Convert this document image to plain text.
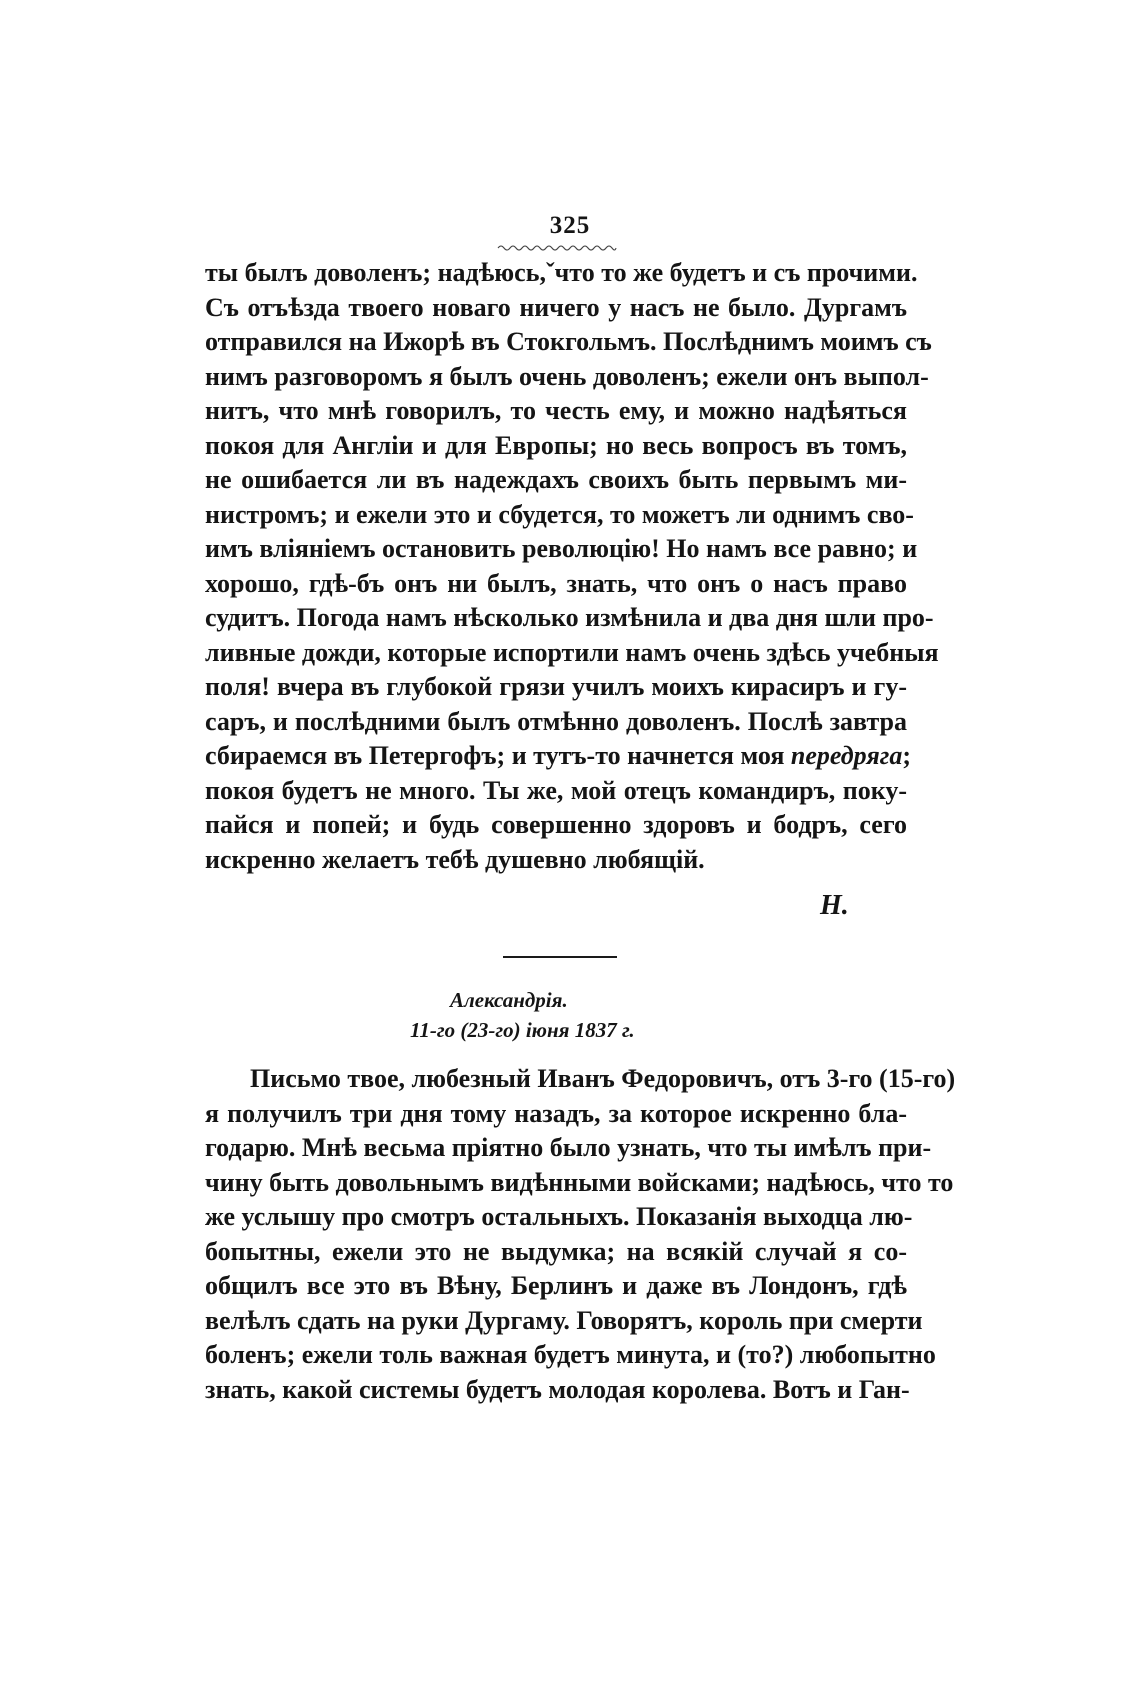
325
ты былъ доволенъ; надѣюсь,ˇчто то же будетъ и съ прочими.
Съ отъѣзда твоего новаго ничего у насъ не было. Дургамъ
отправился на Ижорѣ въ Стокгольмъ. Послѣднимъ моимъ съ
нимъ разговоромъ я былъ очень доволенъ; ежели онъ выпол-
нитъ, что мнѣ говорилъ, то честь ему, и можно надѣяться
покоя для Англіи и для Европы; но весь вопросъ въ томъ,
не ошибается ли въ надеждахъ своихъ быть первымъ ми-
нистромъ; и ежели это и сбудется, то можетъ ли однимъ сво-
имъ вліяніемъ остановить революцію! Но намъ все равно; и
хорошо, гдѣ-бъ онъ ни былъ, знать, что онъ о насъ право
судитъ. Погода намъ нѣсколько измѣнила и два дня шли про-
ливные дожди, которые испортили намъ очень здѣсь учебныя
поля! вчера въ глубокой грязи училъ моихъ кирасиръ и гу-
саръ, и послѣдними былъ отмѣнно доволенъ. Послѣ завтра
сбираемся въ Петергофъ; и тутъ-то начнется моя передряга;
покоя будетъ не много. Ты же, мой отецъ командиръ, поку-
пайся и попей; и будь совершенно здоровъ и бодръ, сего
искренно желаетъ тебѣ душевно любящій.
Н.
Александрія.
11-го (23-го) іюня 1837 г.
Письмо твое, любезный Иванъ Федоровичъ, отъ 3-го (15-го)
я получилъ три дня тому назадъ, за которое искренно бла-
годарю. Мнѣ весьма пріятно было узнать, что ты имѣлъ при-
чину быть довольнымъ видѣнными войсками; надѣюсь, что то
же услышу про смотръ остальныхъ. Показанія выходца лю-
бопытны, ежели это не выдумка; на всякій случай я со-
общилъ все это въ Вѣну, Берлинъ и даже въ Лондонъ, гдѣ
велѣлъ сдать на руки Дургаму. Говорятъ, король при смерти
боленъ; ежели толь важная будетъ минута, и (то?) любопытно
знать, какой системы будетъ молодая королева. Вотъ и Ган-
